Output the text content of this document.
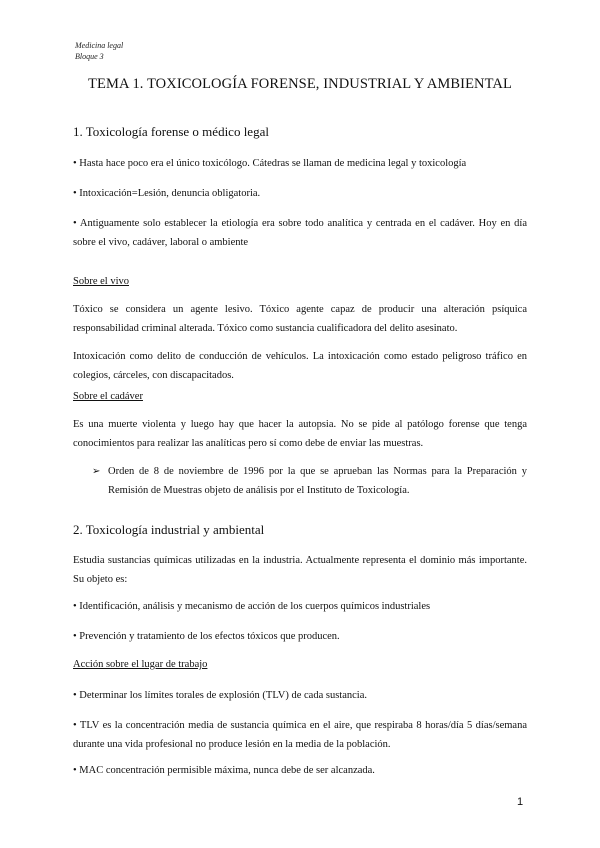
Medicina legal
Bloque 3
TEMA 1. TOXICOLOGÍA FORENSE, INDUSTRIAL Y AMBIENTAL
1. Toxicología forense o médico legal
• Hasta hace poco era el único toxicólogo. Cátedras se llaman de medicina legal y toxicología
• Intoxicación=Lesión, denuncia obligatoria.
• Antiguamente solo establecer la etiología era sobre todo analítica y centrada en el cadáver. Hoy en día sobre el vivo, cadáver, laboral o ambiente
Sobre el vivo
Tóxico se considera un agente lesivo. Tóxico agente capaz de producir una alteración psíquica responsabilidad criminal alterada. Tóxico como sustancia cualificadora del delito asesinato.
Intoxicación como delito de conducción de vehículos. La intoxicación como estado peligroso tráfico en colegios, cárceles, con discapacitados.
Sobre el cadáver
Es una muerte violenta y luego hay que hacer la autopsia. No se pide al patólogo forense que tenga conocimientos para realizar las analíticas pero sí como debe de enviar las muestras.
➢ Orden de 8 de noviembre de 1996 por la que se aprueban las Normas para la Preparación y Remisión de Muestras objeto de análisis por el Instituto de Toxicología.
2. Toxicología industrial y ambiental
Estudia sustancias químicas utilizadas en la industria. Actualmente representa el dominio más importante. Su objeto es:
• Identificación, análisis y mecanismo de acción de los cuerpos químicos industriales
• Prevención y tratamiento de los efectos tóxicos que producen.
Acción sobre el lugar de trabajo
• Determinar los límites torales de explosión (TLV) de cada sustancia.
• TLV es la concentración media de sustancia química en el aire, que respiraba 8 horas/día 5 días/semana durante una vida profesional no produce lesión en la media de la población.
• MAC concentración permisible máxima, nunca debe de ser alcanzada.
1
